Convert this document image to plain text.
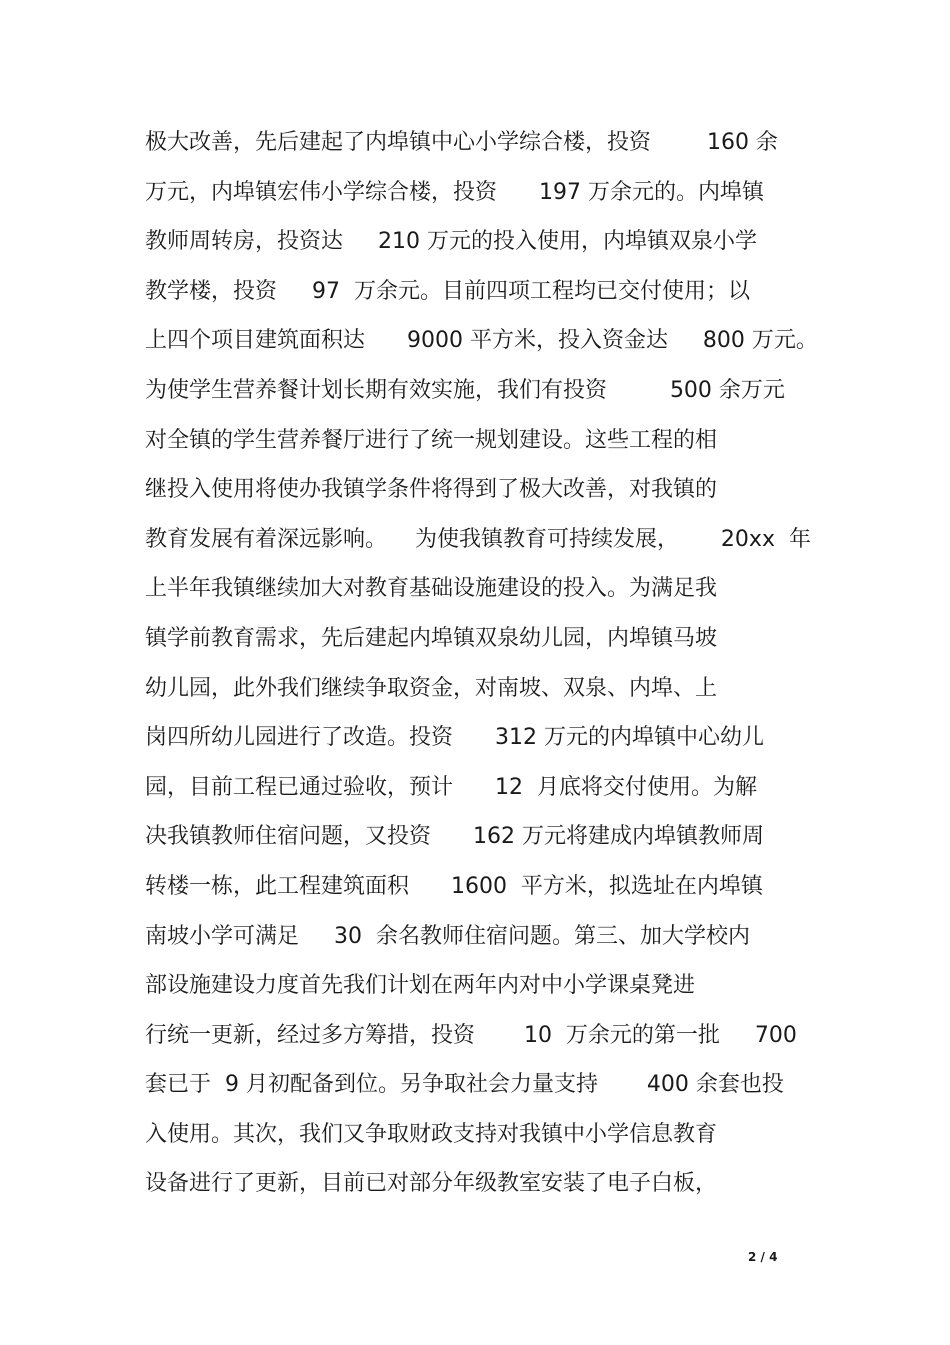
极大改善，先后建起了内埠镇中心小学综合楼，投资        160 余
万元，内埠镇宏伟小学综合楼，投资      197 万余元的。内埠镇
教师周转房，投资达     210 万元的投入使用，内埠镇双泉小学
教学楼，投资     97  万余元。目前四项工程均已交付使用；以
上四个项目建筑面积达      9000 平方米，投入资金达     800 万元。
为使学生营养餐计划长期有效实施，我们有投资         500 余万元
对全镇的学生营养餐厅进行了统一规划建设。这些工程的相
继投入使用将使办我镇学条件将得到了极大改善，对我镇的
教育发展有着深远影响。    为使我镇教育可持续发展，      20xx  年
上半年我镇继续加大对教育基础设施建设的投入。为满足我
镇学前教育需求，先后建起内埠镇双泉幼儿园，内埠镇马坡
幼儿园，此外我们继续争取资金，对南坡、双泉、内埠、上
岗四所幼儿园进行了改造。投资      312 万元的内埠镇中心幼儿
园，目前工程已通过验收，预计      12  月底将交付使用。为解
决我镇教师住宿问题，又投资      162 万元将建成内埠镇教师周
转楼一栋，此工程建筑面积      1600  平方米，拟选址在内埠镇
南坡小学可满足     30  余名教师住宿问题。第三、加大学校内
部设施建设力度首先我们计划在两年内对中小学课桌凳进
行统一更新，经过多方筹措，投资       10  万余元的第一批     700
套已于  9 月初配备到位。另争取社会力量支持       400 余套也投
入使用。其次，我们又争取财政支持对我镇中小学信息教育
设备进行了更新，目前已对部分年级教室安装了电子白板，
2 / 4
